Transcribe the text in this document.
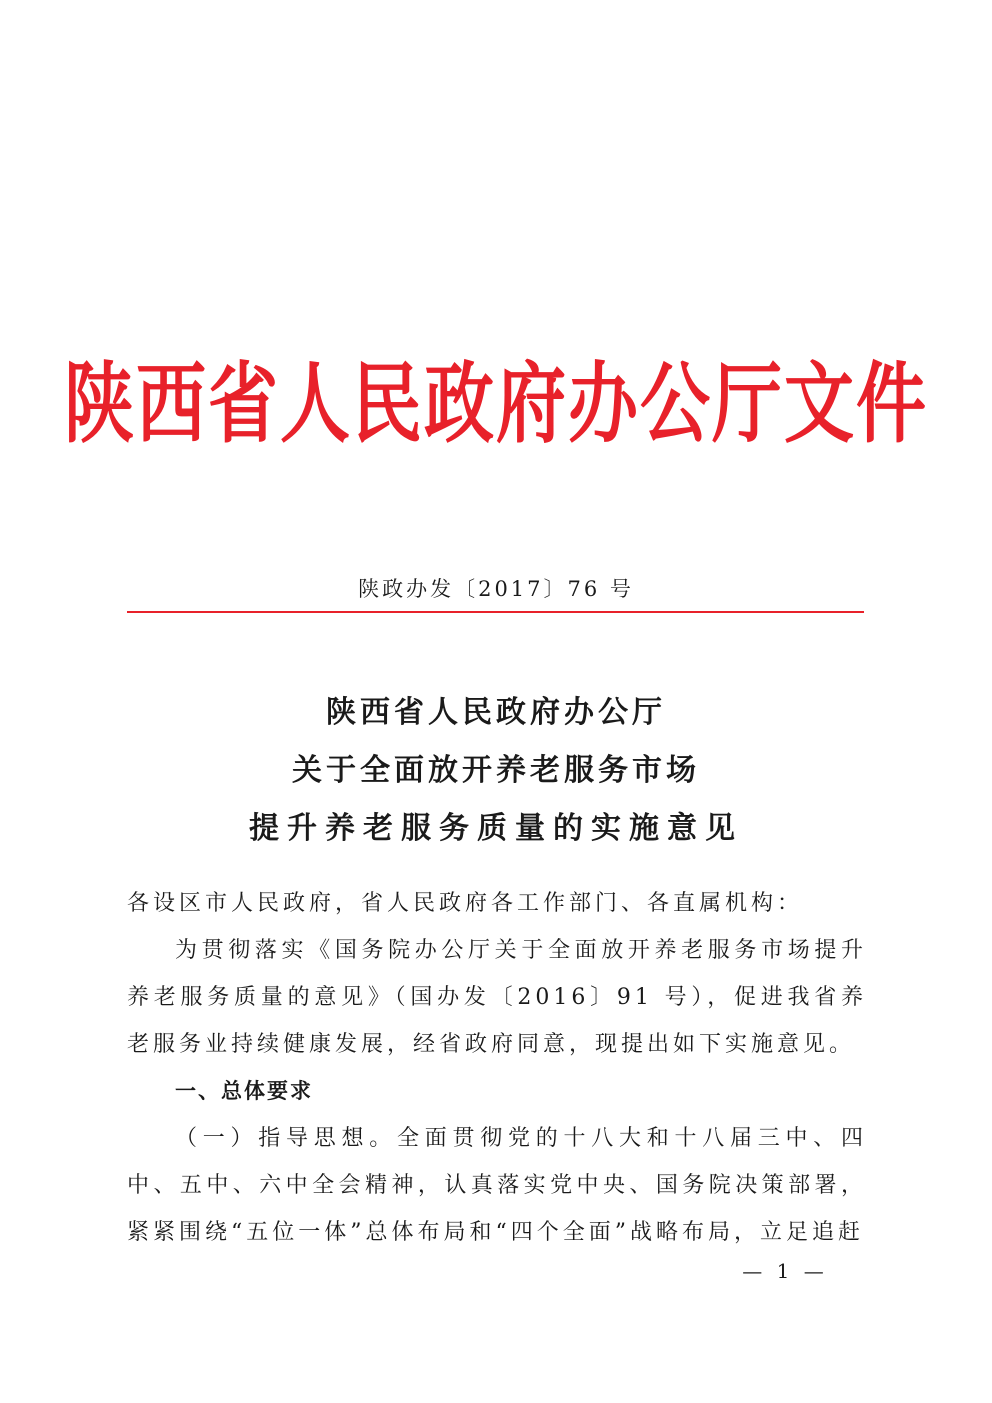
陕西省人民政府办公厅文件
陕政办发〔2017〕76 号
陕西省人民政府办公厅
关于全面放开养老服务市场
提升养老服务质量的实施意见

各设区市人民政府，省人民政府各工作部门、各直属机构：

为贯彻落实《国务院办公厅关于全面放开养老服务市场提升养老服务质量的意见》（国办发〔2016〕91 号），促进我省养老服务业持续健康发展，经省政府同意，现提出如下实施意见。

一、总体要求

（一）指导思想。全面贯彻党的十八大和十八届三中、四中、五中、六中全会精神，认真落实党中央、国务院决策部署，紧紧围绕“五位一体”总体布局和“四个全面”战略布局，立足追赶

— 1 —
